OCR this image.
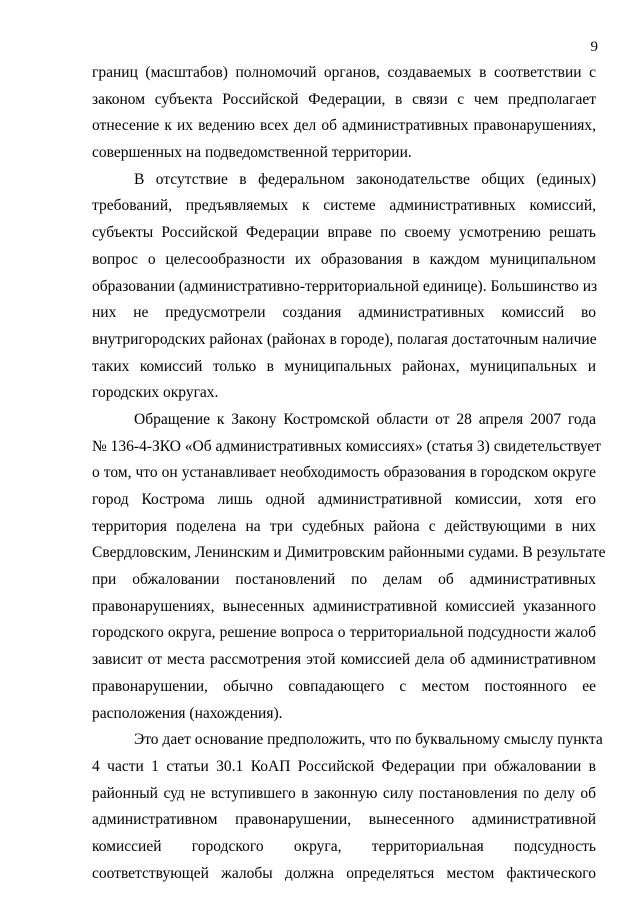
9

границ (масштабов) полномочий органов, создаваемых в соответствии с
законом субъекта Российской Федерации, в связи с чем предполагает
отнесение к их ведению всех дел об административных правонарушениях,
совершенных на подведомственной территории.

В отсутствие в федеральном законодательстве общих (единых)
требований, предъявляемых к системе административных комиссий,
субъекты Российской Федерации вправе по своему усмотрению решать
вопрос о целесообразности их образования в каждом муниципальном
образовании (административно-территориальной единице). Большинство из
них не предусмотрели создания административных комиссий во
внутригородских районах (районах в городе), полагая достаточным наличие
таких комиссий только в муниципальных районах, муниципальных и
городских округах.

Обращение к Закону Костромской области от 28 апреля 2007 года
№ 136-4-ЗКО «Об административных комиссиях» (статья 3) свидетельствует
о том, что он устанавливает необходимость образования в городском округе
город Кострома лишь одной административной комиссии, хотя его
территория поделена на три судебных района с действующими в них
Свердловским, Ленинским и Димитровским районными судами. В результате
при обжаловании постановлений по делам об административных
правонарушениях, вынесенных административной комиссией указанного
городского округа, решение вопроса о территориальной подсудности жалоб
зависит от места рассмотрения этой комиссией дела об административном
правонарушении, обычно совпадающего с местом постоянного ее
расположения (нахождения).

Это дает основание предположить, что по буквальному смыслу пункта
4 части 1 статьи 30.1 КоАП Российской Федерации при обжаловании в
районный суд не вступившего в законную силу постановления по делу об
административном правонарушении, вынесенного административной
комиссией городского округа, территориальная подсудность
соответствующей жалобы должна определяться местом фактического
